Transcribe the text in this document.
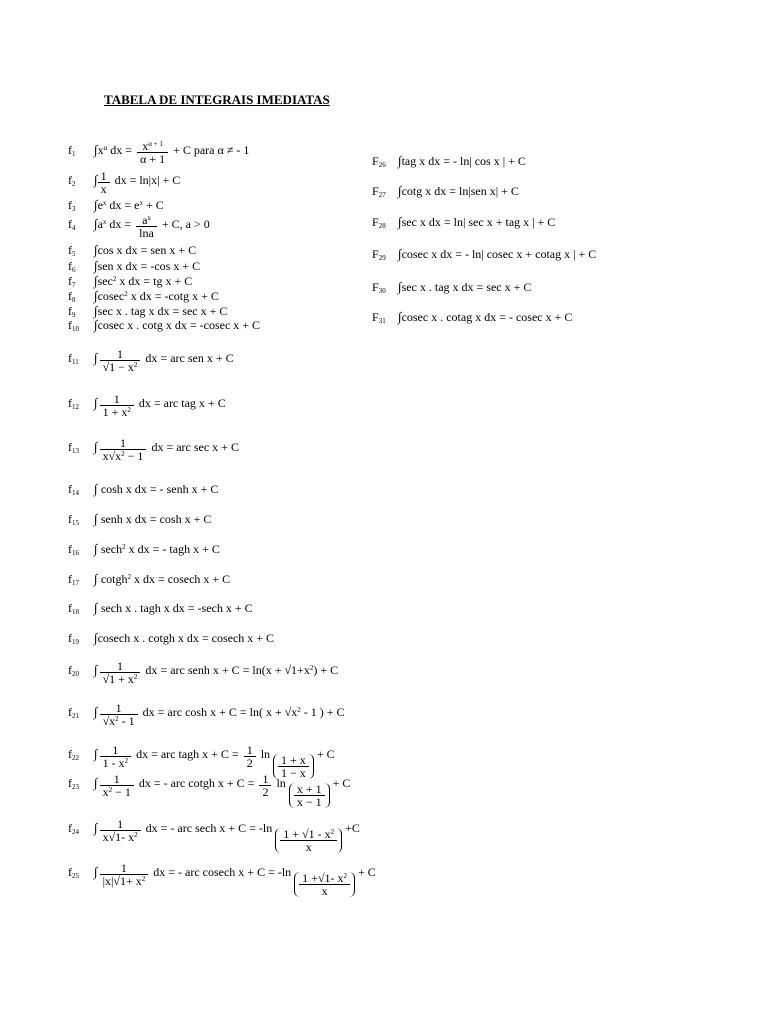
TABELA DE INTEGRAIS IMEDIATAS
$f_1$ $\int x^\alpha$ dx = $\frac{x^{\alpha + 1}}{\alpha + 1} + C$ para α ≠ - 1
$f_2$ ∫ $\frac{1}{x}$ dx = ln|x| + C
$f_3$ $\int e^x$ dx = $e^x + C$
$f_4$ $\int a^x$ dx = $\frac{a^x}{\ln a} + C$, a > 0
$f_5$ ∫cos x dx = sen x + C
$f_6$ ∫sen x dx = -cos x + C
$f_7$ $\int\sec^2$ x dx = tg x + C
$f_8$ ∫cosec$^2$ x dx = -cotg x + C
$f_9$ ∫sec x . tag x dx = sec x + C
$f_{10}$ ∫cosec x . cotg x dx = -cosec x + C
$f_{11}$ ∫ $\frac{1}{√1 - x^2}$ dx = arc sen x + C
$f_{12}$ ∫ $\frac{1}{1 + x^2}$ dx = arc tag x + C
$f_{13}$ ∫ $\frac{1}{x√x^2 - 1}$ dx = arc sec x + C
$f_{14}$ ∫ cosh x dx = - senh x + C
$f_{15}$ ∫ senh x dx = cosh x + C
$f_{16}$ ∫ sech$^2$ x dx = - tagh x + C
$f_{17}$ ∫ cotgh$^2$ x dx = cosech x + C
$f_{18}$ ∫ sech x . tagh x dx = -sech x + C
$f_{19}$ ∫cosech x . cotgh x dx = cosech x + C
$f_{20}$ ∫ $\frac{1}{√1 + x^2}$ dx = arc senh $x + C = \ln(x + √1+x^2) + C$
$f_{21}$ ∫ $\frac{1}{√x^2 - 1}$ dx = arc cosh x + C = ln( $x + √x^2 - 1$ ) + C
$f_{22}$ ∫ $\frac{1}{1 - x^2}$ dx = arc tagh $x + C = \frac{1}{2}$ $\ln \frac{1 + x}{1 - x} + C$
$f_{23}$ ∫ $\frac{1}{x^2 - 1}$ dx = - arc cotgh $x + C = \frac{1}{2}$ $\ln \frac{x + 1}{x - 1} + C$
$f_{24}$ ∫ $\frac{1}{x√1- x^2}$ dx = - arc sech $x + C = -\ln \frac{1 + √1 - x^2}{x} +C$
$f_{25}$ ∫ $\frac{1}{|x|√1+ x^2}$ dx = - arc cosech $x + C = -\ln \frac{1 +√1- x^2}{x} + C$
$F_{26}$ ∫tag x dx = - ln| cos x | + C
$F_{27}$ ∫cotg x dx = ln|sen x| + C
$F_{28}$ ∫sec x dx = ln| sec x + tag x | + C
$F_{29}$ ∫cosec x dx = - ln| cosec x + cotag x | + C
$F_{30}$ ∫sec x . tag x dx = sec x + C
$F_{31}$ ∫cosec x . cotag x dx = - cosec x + C
